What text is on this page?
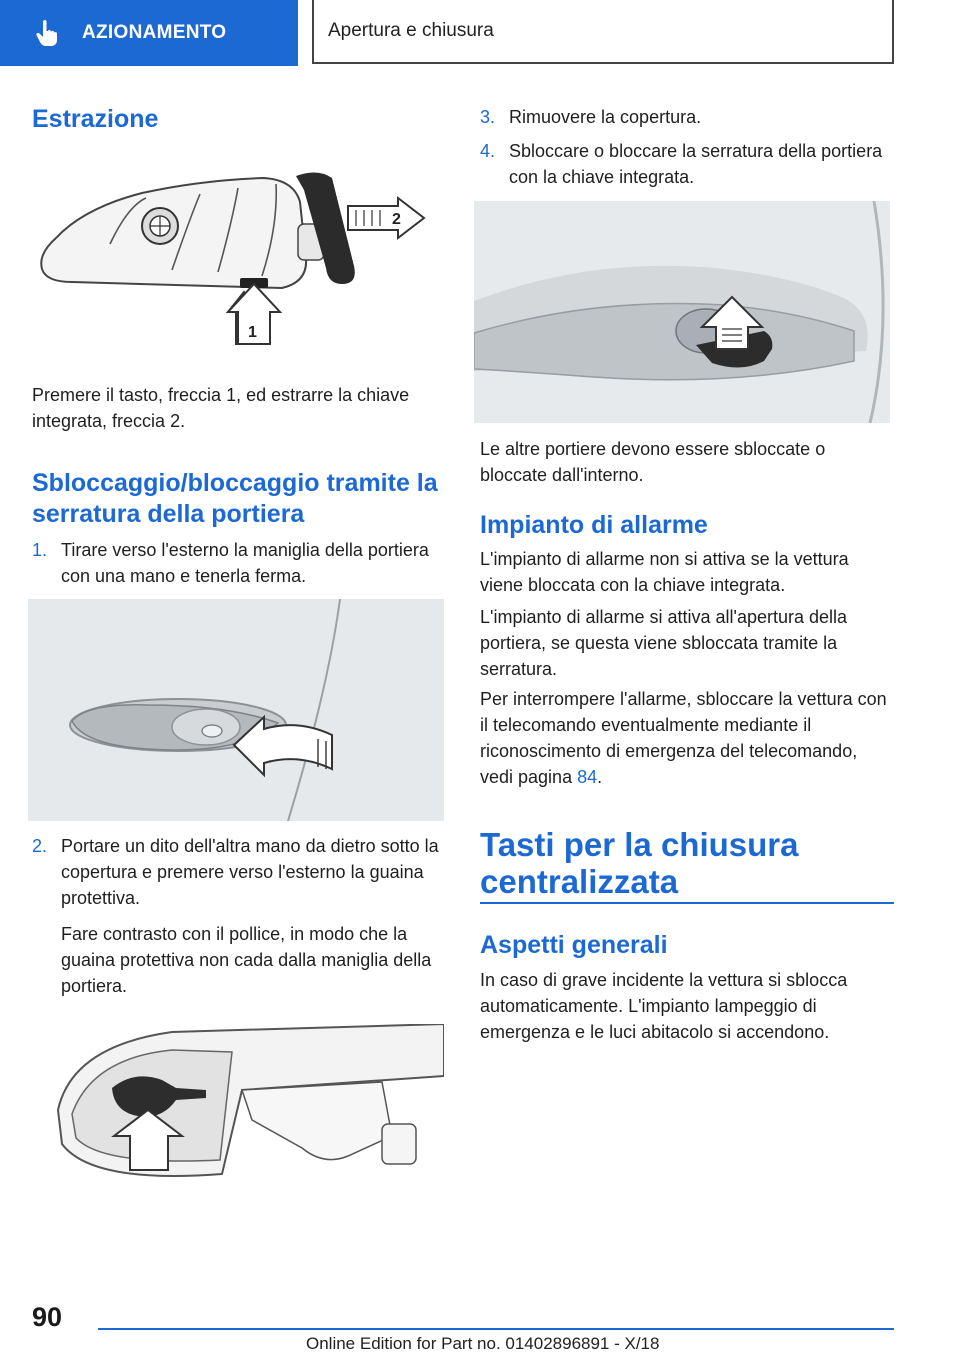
AZIONAMENTO	Apertura e chiusura
Estrazione
2
1

Premere il tasto, freccia 1, ed estrarre la chiave integrata, freccia 2.

Sbloccaggio/bloccaggio tramite la serratura della portiera
1. Tirare verso l'esterno la maniglia della portiera con una mano e tenerla ferma.
2. Portare un dito dell'altra mano da dietro sotto la copertura e premere verso l'esterno la guaina protettiva.
Fare contrasto con il pollice, in modo che la guaina protettiva non cada dalla maniglia della portiera.
3. Rimuovere la copertura.
4. Sbloccare o bloccare la serratura della portiera con la chiave integrata.

Le altre portiere devono essere sbloccate o bloccate dall'interno.

Impianto di allarme

L'impianto di allarme non si attiva se la vettura viene bloccata con la chiave integrata.

L'impianto di allarme si attiva all'apertura della portiera, se questa viene sbloccata tramite la serratura.

Per interrompere l'allarme, sbloccare la vettura con il telecomando eventualmente mediante il riconoscimento di emergenza del telecomando, vedi pagina 84.

Tasti per la chiusura centralizzata
Aspetti generali

In caso di grave incidente la vettura si sblocca automaticamente. L'impianto lampeggio di emergenza e le luci abitacolo si accendono.

90
Online Edition for Part no. 01402896891 - X/18
